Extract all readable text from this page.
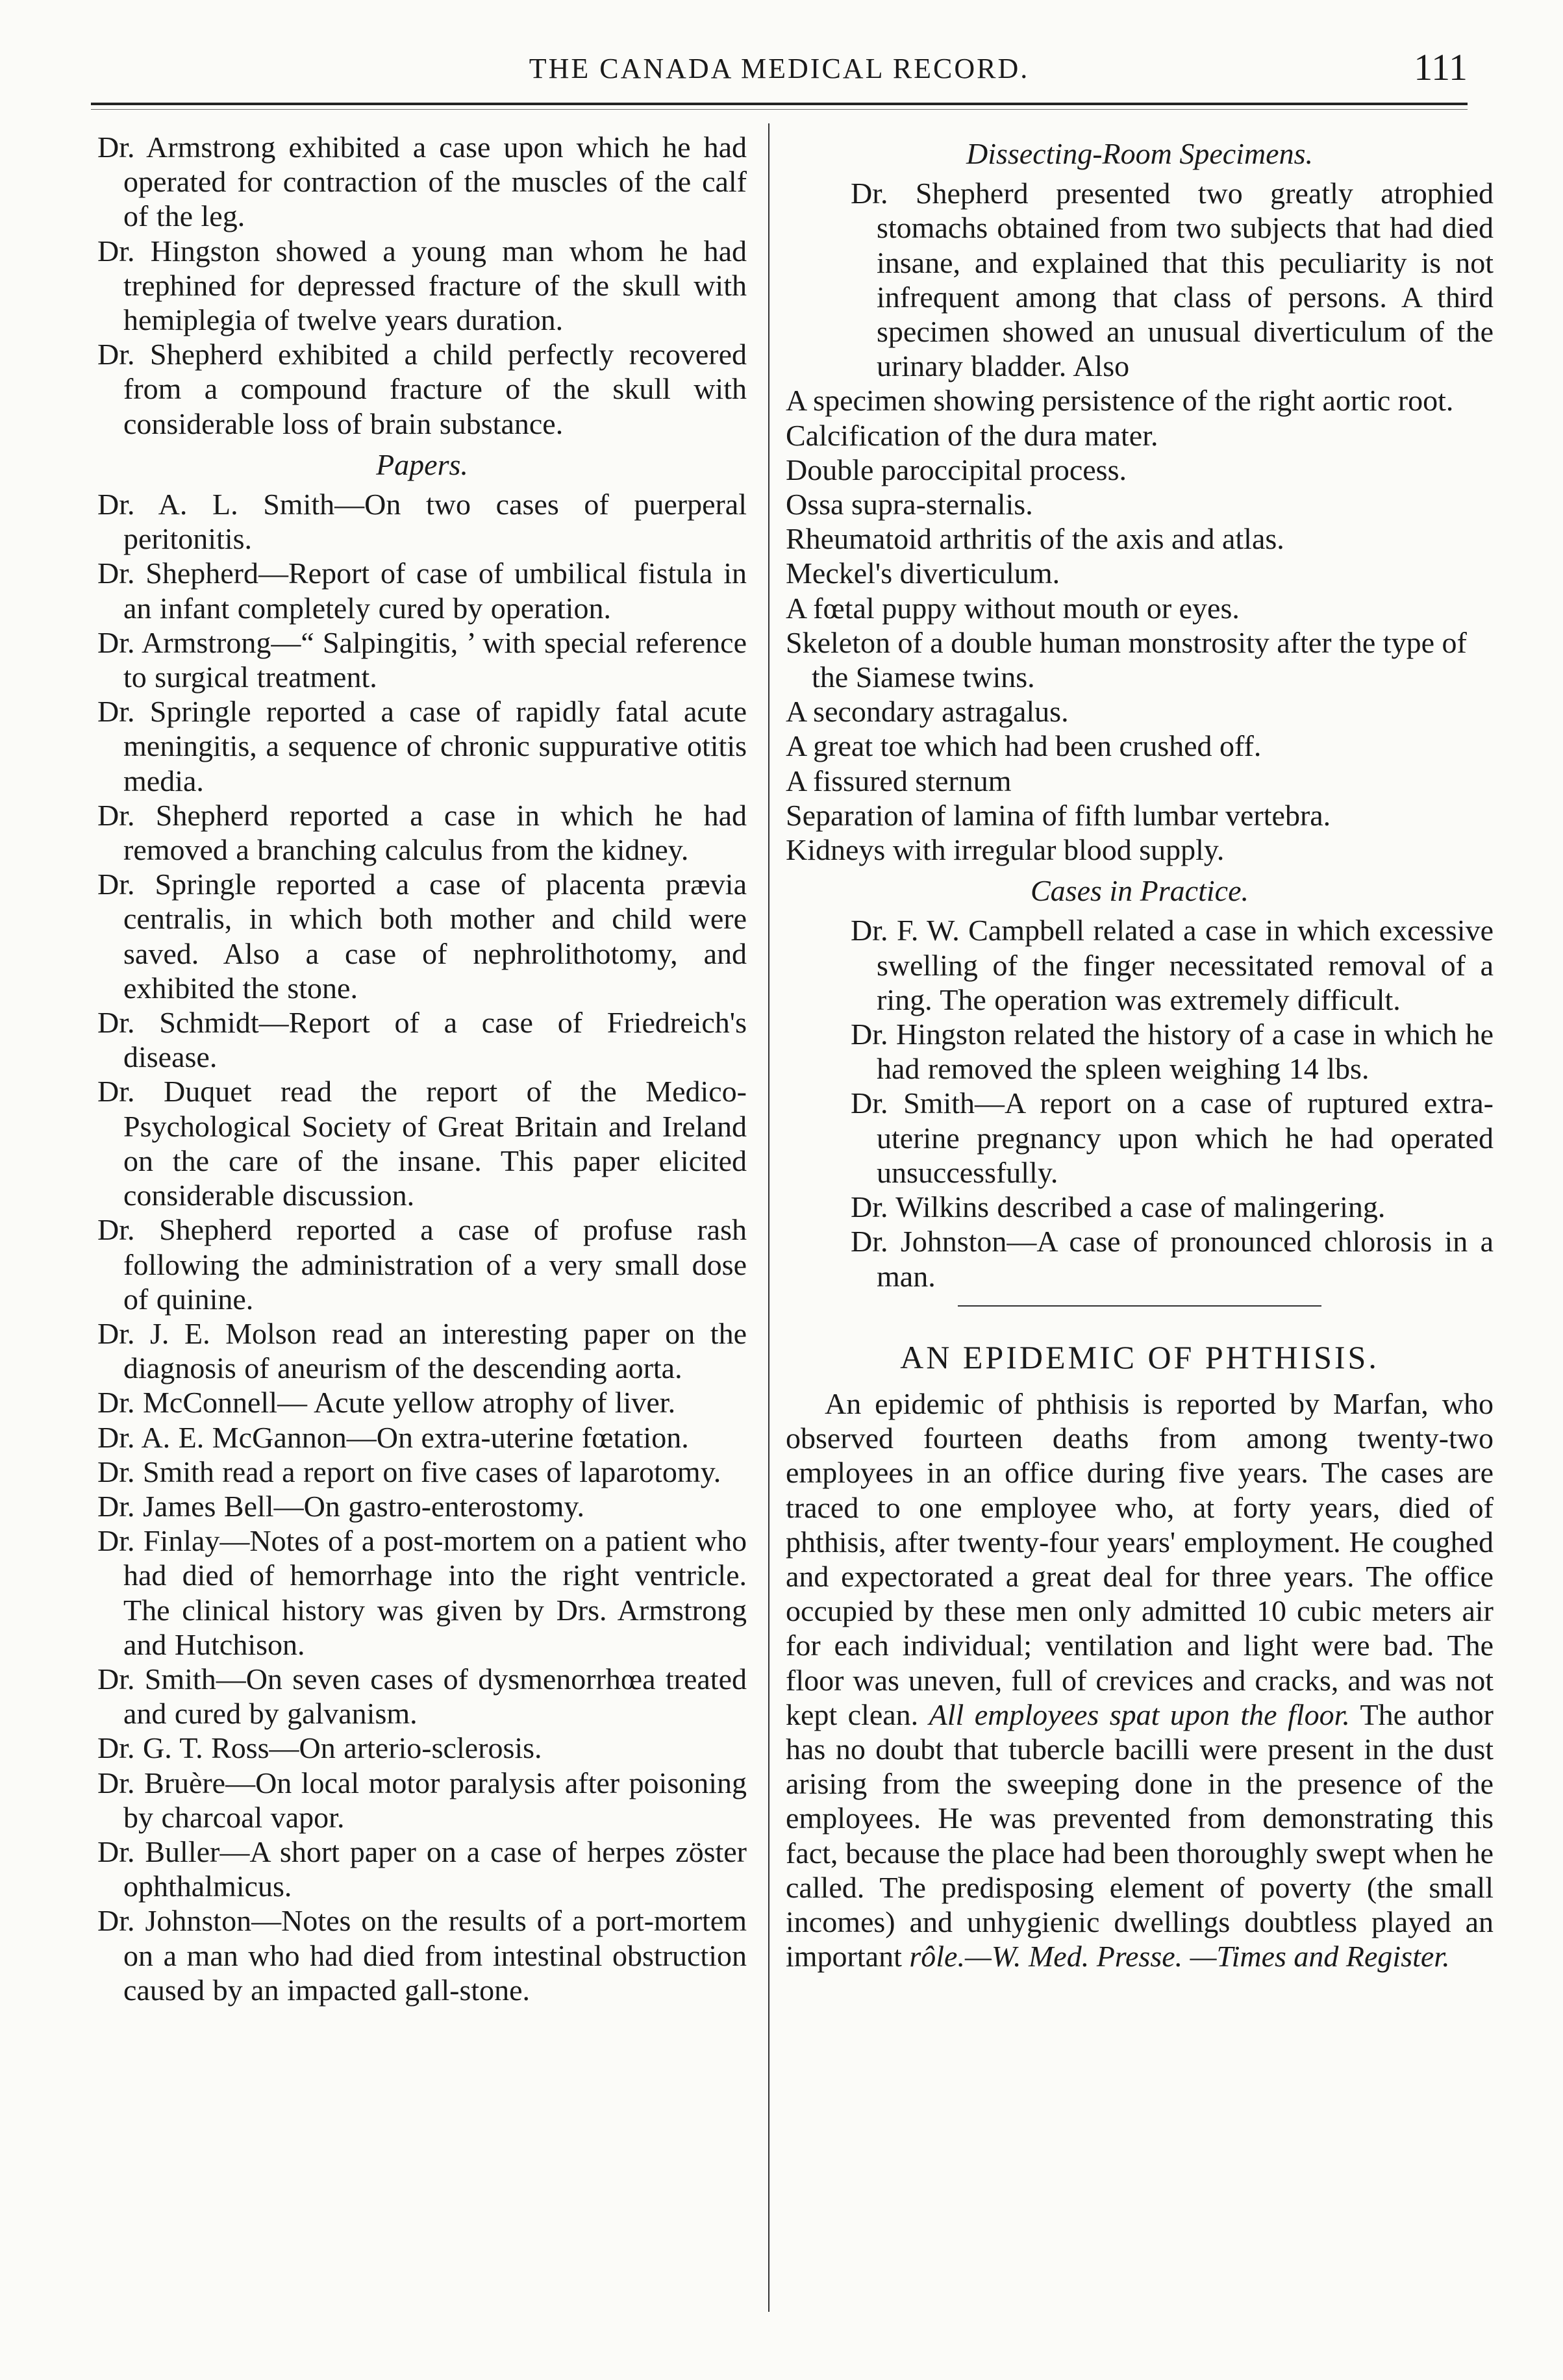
THE CANADA MEDICAL RECORD.	111

Dr. Armstrong exhibited a case upon which he had operated for contraction of the muscles of the calf of the leg.

Dr. Hingston showed a young man whom he had trephined for depressed fracture of the skull with hemiplegia of twelve years duration.

Dr. Shepherd exhibited a child perfectly recovered from a compound fracture of the skull with considerable loss of brain substance.

Papers.

Dr. A. L. Smith—On two cases of puerperal peritonitis.

Dr. Shepherd—Report of case of umbilical fistula in an infant completely cured by operation.

Dr. Armstrong—“ Salpingitis, ’ with special reference to surgical treatment.

Dr. Springle reported a case of rapidly fatal acute meningitis, a sequence of chronic suppurative otitis media.

Dr. Shepherd reported a case in which he had removed a branching calculus from the kidney.

Dr. Springle reported a case of placenta prævia centralis, in which both mother and child were saved. Also a case of nephrolithotomy, and exhibited the stone.

Dr. Schmidt—Report of a case of Friedreich's disease.

Dr. Duquet read the report of the Medico-Psychological Society of Great Britain and Ireland on the care of the insane. This paper elicited considerable discussion.

Dr. Shepherd reported a case of profuse rash following the administration of a very small dose of quinine.

Dr. J. E. Molson read an interesting paper on the diagnosis of aneurism of the descending aorta.

Dr. McConnell— Acute yellow atrophy of liver.

Dr. A. E. McGannon—On extra-uterine fœtation.

Dr. Smith read a report on five cases of laparotomy.

Dr. James Bell—On gastro-enterostomy.

Dr. Finlay—Notes of a post-mortem on a patient who had died of hemorrhage into the right ventricle. The clinical history was given by Drs. Armstrong and Hutchison.

Dr. Smith—On seven cases of dysmenorrhœa treated and cured by galvanism.

Dr. G. T. Ross—On arterio-sclerosis.

Dr. Bruère—On local motor paralysis after poisoning by charcoal vapor.

Dr. Buller—A short paper on a case of herpes zöster ophthalmicus.

Dr. Johnston—Notes on the results of a port-mortem on a man who had died from intestinal obstruction caused by an impacted gall-stone.

Dissecting-Room Specimens.

Dr. Shepherd presented two greatly atrophied stomachs obtained from two subjects that had died insane, and explained that this peculiarity is not infrequent among that class of persons. A third specimen showed an unusual diverticulum of the urinary bladder. Also

A specimen showing persistence of the right aortic root.

Calcification of the dura mater.

Double paroccipital process.

Ossa supra-sternalis.

Rheumatoid arthritis of the axis and atlas.

Meckel's diverticulum.

A fœtal puppy without mouth or eyes.

Skeleton of a double human monstrosity after the type of the Siamese twins.

A secondary astragalus.

A great toe which had been crushed off.

A fissured sternum

Separation of lamina of fifth lumbar vertebra.

Kidneys with irregular blood supply.

Cases in Practice.

Dr. F. W. Campbell related a case in which excessive swelling of the finger necessitated removal of a ring. The operation was extremely difficult.

Dr. Hingston related the history of a case in which he had removed the spleen weighing 14 lbs.

Dr. Smith—A report on a case of ruptured extra-uterine pregnancy upon which he had operated unsuccessfully.

Dr. Wilkins described a case of malingering.

Dr. Johnston—A case of pronounced chlorosis in a man.

AN EPIDEMIC OF PHTHISIS.

An epidemic of phthisis is reported by Marfan, who observed fourteen deaths from among twenty-two employees in an office during five years. The cases are traced to one employee who, at forty years, died of phthisis, after twenty-four years' employment. He coughed and expectorated a great deal for three years. The office occupied by these men only admitted 10 cubic meters air for each individual; ventilation and light were bad. The floor was uneven, full of crevices and cracks, and was not kept clean. All employees spat upon the floor. The author has no doubt that tubercle bacilli were present in the dust arising from the sweeping done in the presence of the employees. He was prevented from demonstrating this fact, because the place had been thoroughly swept when he called. The predisposing element of poverty (the small incomes) and unhygienic dwellings doubtless played an important rôle.—W. Med. Presse. —Times and Register.
